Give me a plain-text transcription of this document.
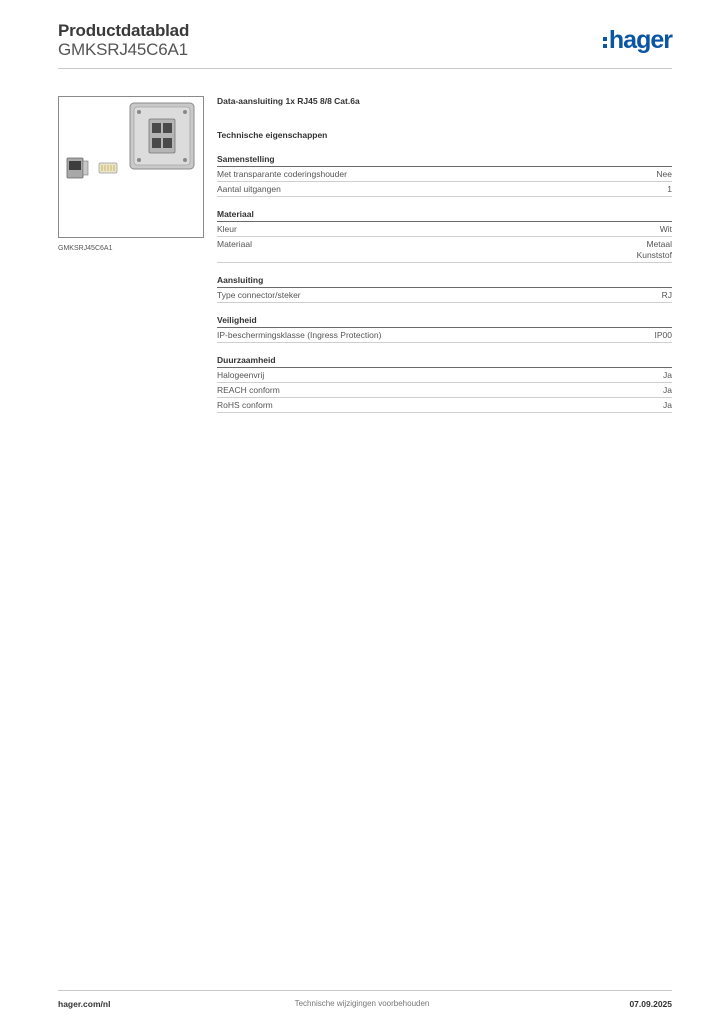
Productdatablad
GMKSRJ45C6A1	hager
GMKSRJ45C6A1
Data-aansluiting 1x RJ45 8/8 Cat.6a
Technische eigenschappen
Samenstelling
Met transparante coderingshouder	Nee
Aantal uitgangen	1
Materiaal
Kleur	Wit
Materiaal	Metaal
Kunststof
Aansluiting
Type connector/steker	RJ
Veiligheid
IP-beschermingsklasse (Ingress Protection)	IP00
Duurzaamheid
Halogeenvrij	Ja
REACH conform	Ja
RoHS conform	Ja
hager.com/nl	Technische wijzigingen voorbehouden	07.09.2025
